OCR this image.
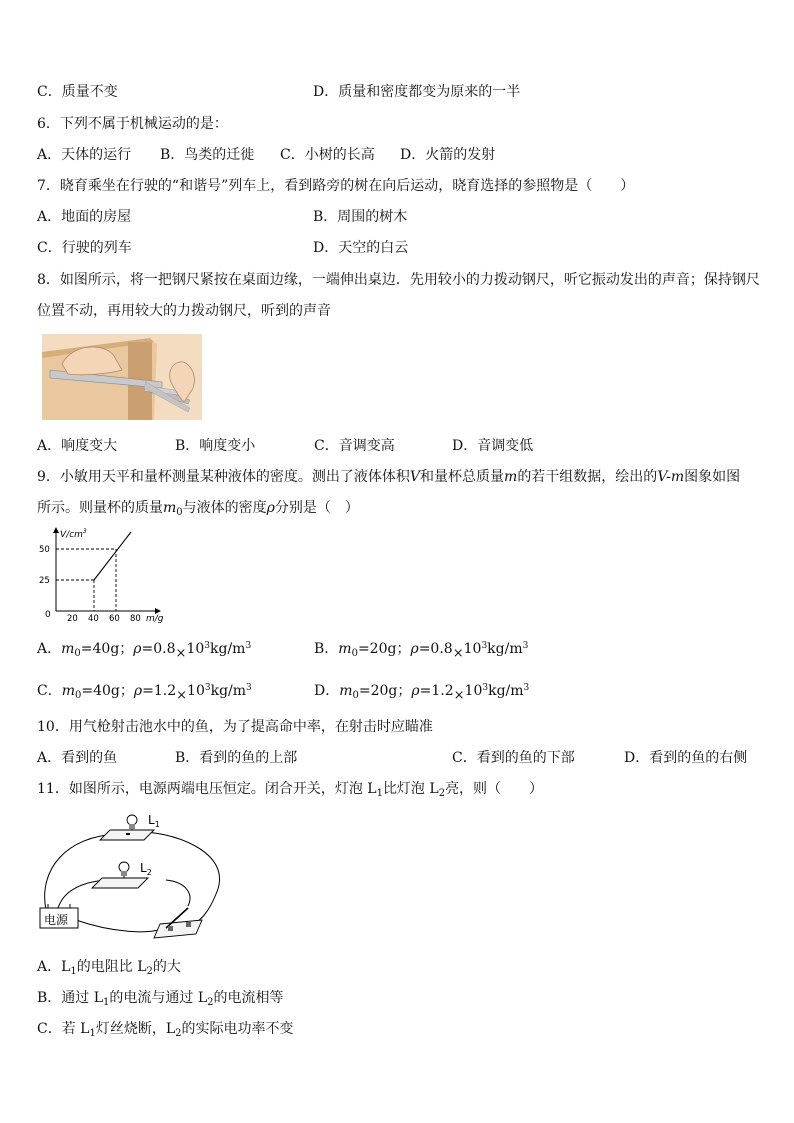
C．质量不变	D．质量和密度都变为原来的一半
6．下列不属于机械运动的是：
A．天体的运行 B．鸟类的迁徙 C．小树的长高 D．火箭的发射
7．晓育乘坐在行驶的“和谐号”列车上，看到路旁的树在向后运动，晓育选择的参照物是（　　）
A．地面的房屋	B．周围的树木
C．行驶的列车	D．天空的白云
8．如图所示，将一把钢尺紧按在桌面边缘，一端伸出桌边．先用较小的力拨动钢尺，听它振动发出的声音；保持钢尺
位置不动，再用较大的力拨动钢尺，听到的声音
A．响度变大	B．响度变小	C．音调变高	D．音调变低
9．小敏用天平和量杯测量某种液体的密度。测出了液体体积V和量杯总质量m的若干组数据，绘出的V-m图象如图
所示。则量杯的质量$m_0$与液体的密度ρ分别是（　）
$V/cm^3$
m/g
0 20 40 60 80
25
50
A．$m_0=40g$；$\rho=0.8\times 10^3kg/m^3$	B．$m_0=20g$；$\rho=0.8\times 10^3kg/m^3$
C．$m_0=40g$；$\rho=1.2\times 10^3kg/m^3$	D．$m_0=20g$；$\rho=1.2\times 10^3kg/m^3$
10．用气枪射击池水中的鱼，为了提高命中率，在射击时应瞄准
A．看到的鱼	B．看到的鱼的上部	C．看到的鱼的下部	D．看到的鱼的右侧
11．如图所示，电源两端电压恒定。闭合开关，灯泡 $L_1$比灯泡 $L_2$亮，则（　　）
$L_1$
$L_2$
电源
A．$L_1$的电阻比 $L_2$的大
B．通过 $L_1$的电流与通过 $L_2$的电流相等
C．若 $L_1$灯丝烧断，$L_2$的实际电功率不变
